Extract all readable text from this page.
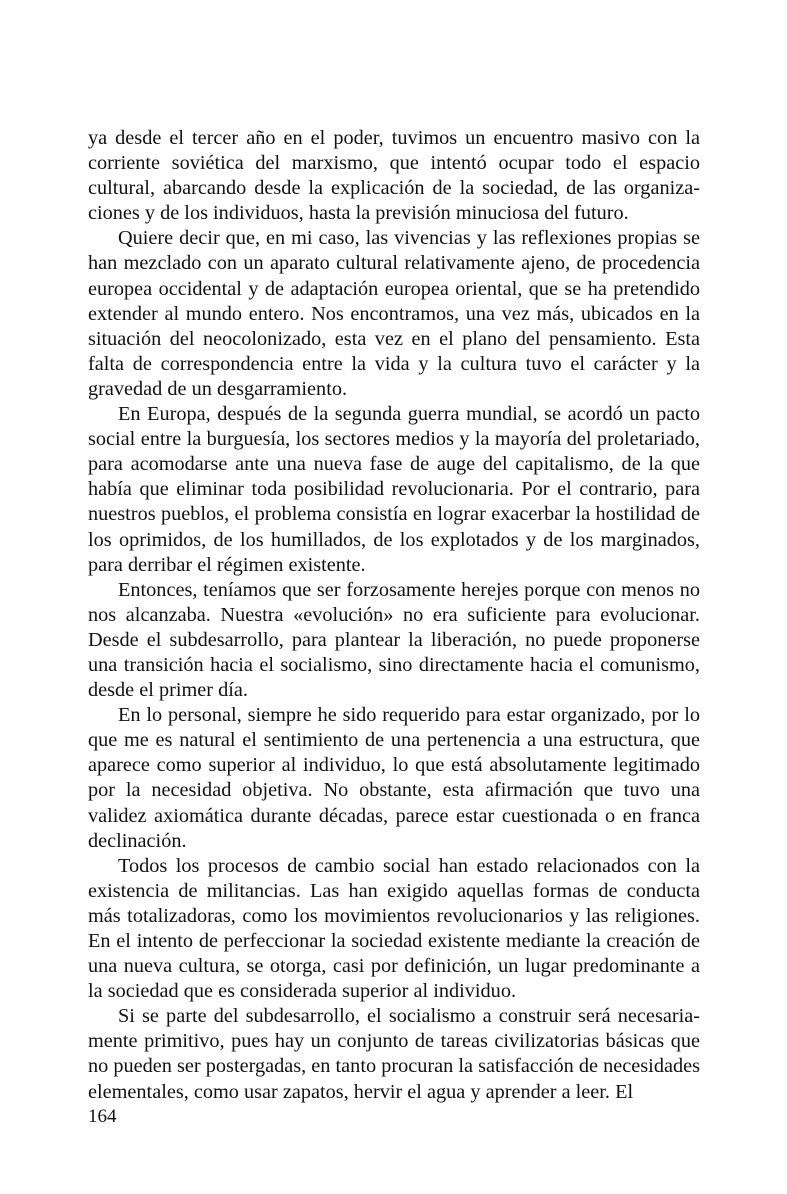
ya desde el tercer año en el poder, tuvimos un encuentro masivo con la corriente soviética del marxismo, que intentó ocupar todo el espacio cultural, abarcando desde la explicación de la sociedad, de las organizaciones y de los individuos, hasta la previsión minuciosa del futuro.

Quiere decir que, en mi caso, las vivencias y las reflexiones propias se han mezclado con un aparato cultural relativamente ajeno, de procedencia europea occidental y de adaptación europea oriental, que se ha pretendido extender al mundo entero. Nos encontramos, una vez más, ubicados en la situación del neocolonizado, esta vez en el plano del pensamiento. Esta falta de correspondencia entre la vida y la cultura tuvo el carácter y la gravedad de un desgarramiento.

En Europa, después de la segunda guerra mundial, se acordó un pacto social entre la burguesía, los sectores medios y la mayoría del proletariado, para acomodarse ante una nueva fase de auge del capitalismo, de la que había que eliminar toda posibilidad revolucionaria. Por el contrario, para nuestros pueblos, el problema consistía en lograr exacerbar la hostilidad de los oprimidos, de los humillados, de los explotados y de los marginados, para derribar el régimen existente.

Entonces, teníamos que ser forzosamente herejes porque con menos no nos alcanzaba. Nuestra «evolución» no era suficiente para evolucionar. Desde el subdesarrollo, para plantear la liberación, no puede proponerse una transición hacia el socialismo, sino directamente hacia el comunismo, desde el primer día.

En lo personal, siempre he sido requerido para estar organizado, por lo que me es natural el sentimiento de una pertenencia a una estructura, que aparece como superior al individuo, lo que está absolutamente legitimado por la necesidad objetiva. No obstante, esta afirmación que tuvo una validez axiomática durante décadas, parece estar cuestionada o en franca declinación.

Todos los procesos de cambio social han estado relacionados con la existencia de militancias. Las han exigido aquellas formas de conducta más totalizadoras, como los movimientos revolucionarios y las religiones. En el intento de perfeccionar la sociedad existente mediante la creación de una nueva cultura, se otorga, casi por definición, un lugar predominante a la sociedad que es considerada superior al individuo.

Si se parte del subdesarrollo, el socialismo a construir será necesariamente primitivo, pues hay un conjunto de tareas civilizatorias básicas que no pueden ser postergadas, en tanto procuran la satisfacción de necesidades elementales, como usar zapatos, hervir el agua y aprender a leer. El

164
